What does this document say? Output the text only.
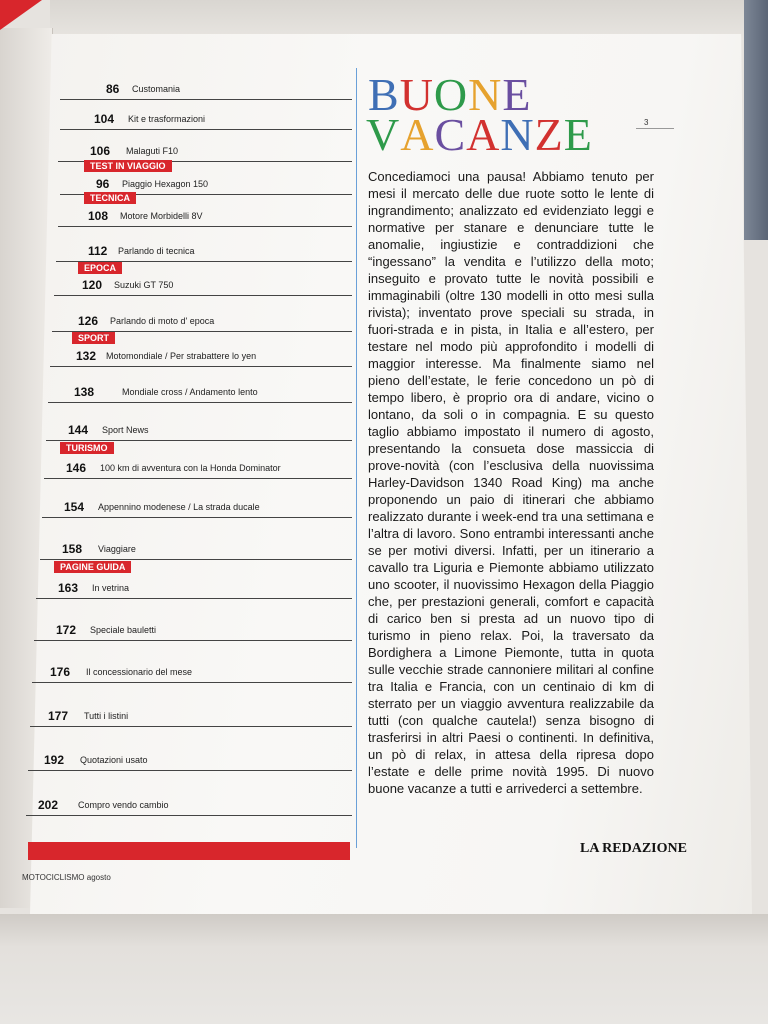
86 Customania
104 Kit e trasformazioni
106 Malaguti F10
TEST IN VIAGGIO
96 Piaggio Hexagon 150
TECNICA
108 Motore Morbidelli 8V
112 Parlando di tecnica
EPOCA
120 Suzuki GT 750
126 Parlando di moto d' epoca
SPORT
132 Motomondiale / Per strabattere lo yen
138	Mondiale cross / Andamento lento
144 Sport News
TURISMO
146 100 km di avventura con la Honda Dominator
154 Appennino modenese / La strada ducale
158 Viaggiare
PAGINE GUIDA
163 In vetrina
172 Speciale bauletti
176 Il concessionario del mese
177 Tutti i listini
192 Quotazioni usato
202 Compro vendo cambio
MOTOCICLISMO agosto
BUONE
VACANZE	3
Concediamoci una pausa! Abbiamo tenuto per mesi il mercato delle due ruote sotto le lente di ingrandimento; analizzato ed evidenziato leggi e normative per stanare e denunciare tutte le anomalie, ingiustizie e contraddizioni che “ingessano” la vendita e l’utilizzo della moto; inseguito e provato tutte le novità possibili e immaginabili (oltre 130 modelli in otto mesi sulla rivista); inventato prove speciali su strada, in fuori-strada e in pista, in Italia e all’estero, per testare nel modo più approfondito i modelli di maggior interesse. Ma finalmente siamo nel pieno dell’estate, le ferie concedono un pò di tempo libero, è proprio ora di andare, vicino o lontano, da soli o in compagnia. E su questo taglio abbiamo impostato il numero di agosto, presentando la consueta dose massiccia di prove-novità (con l’esclusiva della nuovissima Harley-Davidson 1340 Road King) ma anche proponendo un paio di itinerari che abbiamo realizzato durante i week-end tra una settimana e l’altra di lavoro. Sono entrambi interessanti anche se per motivi diversi. Infatti, per un itinerario a cavallo tra Liguria e Piemonte abbiamo utilizzato uno scooter, il nuovissimo Hexagon della Piaggio che, per prestazioni generali, comfort e capacità di carico ben si presta ad un nuovo tipo di turismo in pieno relax. Poi, la traversato da Bordighera a Limone Piemonte, tutta in quota sulle vecchie strade cannoniere militari al confine tra Italia e Francia, con un centinaio di km di sterrato per un viaggio avventura realizzabile da tutti (con qualche cautela!) senza bisogno di trasferirsi in altri Paesi o continenti. In definitiva, un pò di relax, in attesa della ripresa dopo l’estate e delle prime novità 1995. Di nuovo buone vacanze a tutti e arrivederci a settembre.
LA REDAZIONE
